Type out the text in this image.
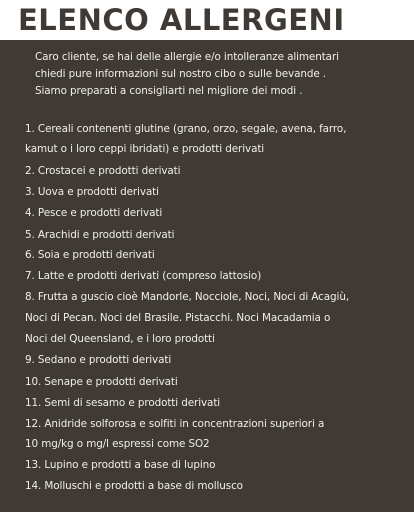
ELENCO ALLERGENI
Caro cliente, se hai delle allergie e/o intolleranze alimentari
chiedi pure informazioni sul nostro cibo o sulle bevande .
Siamo preparati a consigliarti nel migliore dei modi .
1. Cereali contenenti glutine (grano, orzo, segale, avena, farro,
kamut o i loro ceppi ibridati) e prodotti derivati
2. Crostacei e prodotti derivati
3. Uova e prodotti derivati
4. Pesce e prodotti derivati
5. Arachidi e prodotti derivati
6. Soia e prodotti derivati
7. Latte e prodotti derivati (compreso lattosio)
8. Frutta a guscio cioè Mandorle, Nocciole, Noci, Noci di Acagiù,
Noci di Pecan. Noci del Brasile. Pistacchi. Noci Macadamia o
Noci del Queensland, e i loro prodotti
9. Sedano e prodotti derivati
10. Senape e prodotti derivati
11. Semi di sesamo e prodotti derivati
12. Anidride solforosa e solfiti in concentrazioni superiori a
10 mg/kg o mg/l espressi come SO2
13. Lupino e prodotti a base di lupino
14. Molluschi e prodotti a base di mollusco
